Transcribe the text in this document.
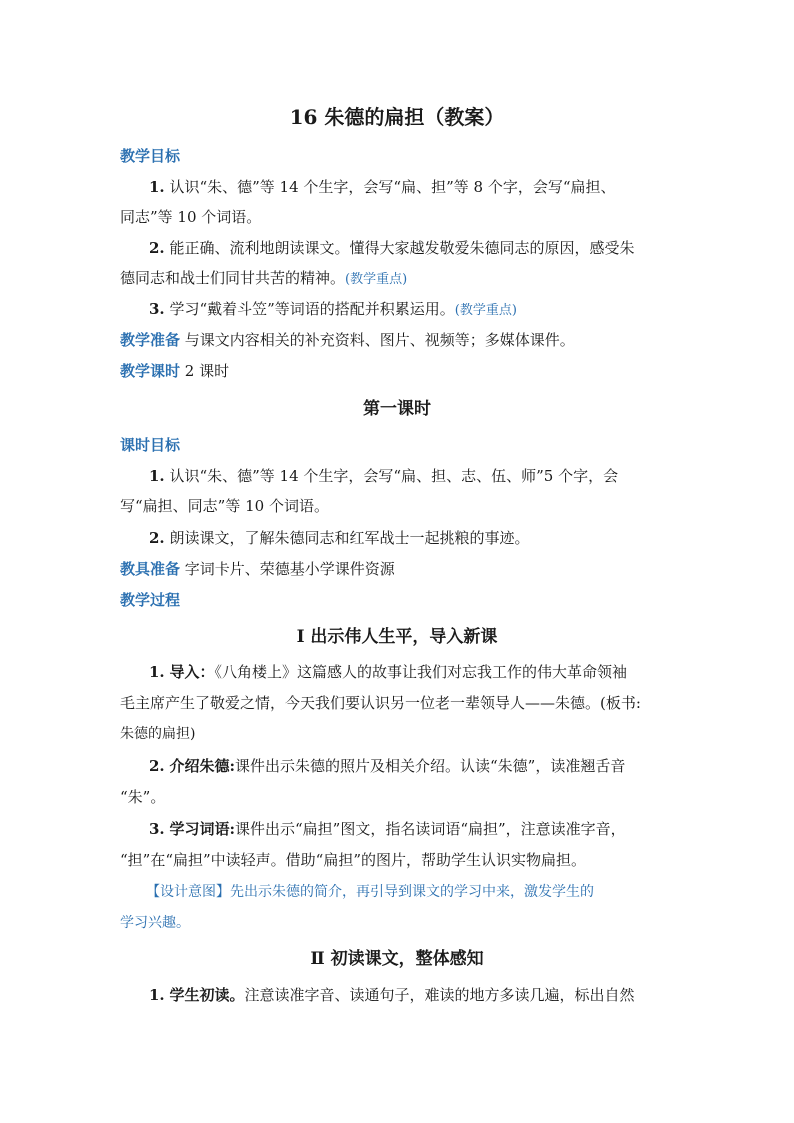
16 朱德的扁担（教案）
教学目标
1. 认识“朱、德”等 14 个生字，会写“扁、担”等 8 个字，会写“扁担、
同志”等 10 个词语。
2. 能正确、流利地朗读课文。懂得大家越发敬爱朱德同志的原因，感受朱
德同志和战士们同甘共苦的精神。(教学重点)
3. 学习“戴着斗笠”等词语的搭配并积累运用。(教学重点)
教学准备 与课文内容相关的补充资料、图片、视频等；多媒体课件。
教学课时 2 课时
第一课时
课时目标
1. 认识“朱、德”等 14 个生字，会写“扁、担、志、伍、师”5 个字，会
写“扁担、同志”等 10 个词语。
2. 朗读课文，了解朱德同志和红军战士一起挑粮的事迹。
教具准备 字词卡片、荣德基小学课件资源
教学过程
Ⅰ 出示伟人生平，导入新课
1. 导入：《八角楼上》这篇感人的故事让我们对忘我工作的伟大革命领袖
毛主席产生了敬爱之情，今天我们要认识另一位老一辈领导人——朱德。(板书:
朱德的扁担)
2. 介绍朱德:课件出示朱德的照片及相关介绍。认读“朱德”，读准翘舌音
“朱”。
3. 学习词语:课件出示“扁担”图文，指名读词语“扁担”，注意读准字音，
“担”在“扁担”中读轻声。借助“扁担”的图片，帮助学生认识实物扁担。
【设计意图】先出示朱德的简介，再引导到课文的学习中来，激发学生的
学习兴趣。
Ⅱ 初读课文，整体感知
1. 学生初读。注意读准字音、读通句子，难读的地方多读几遍，标出自然
